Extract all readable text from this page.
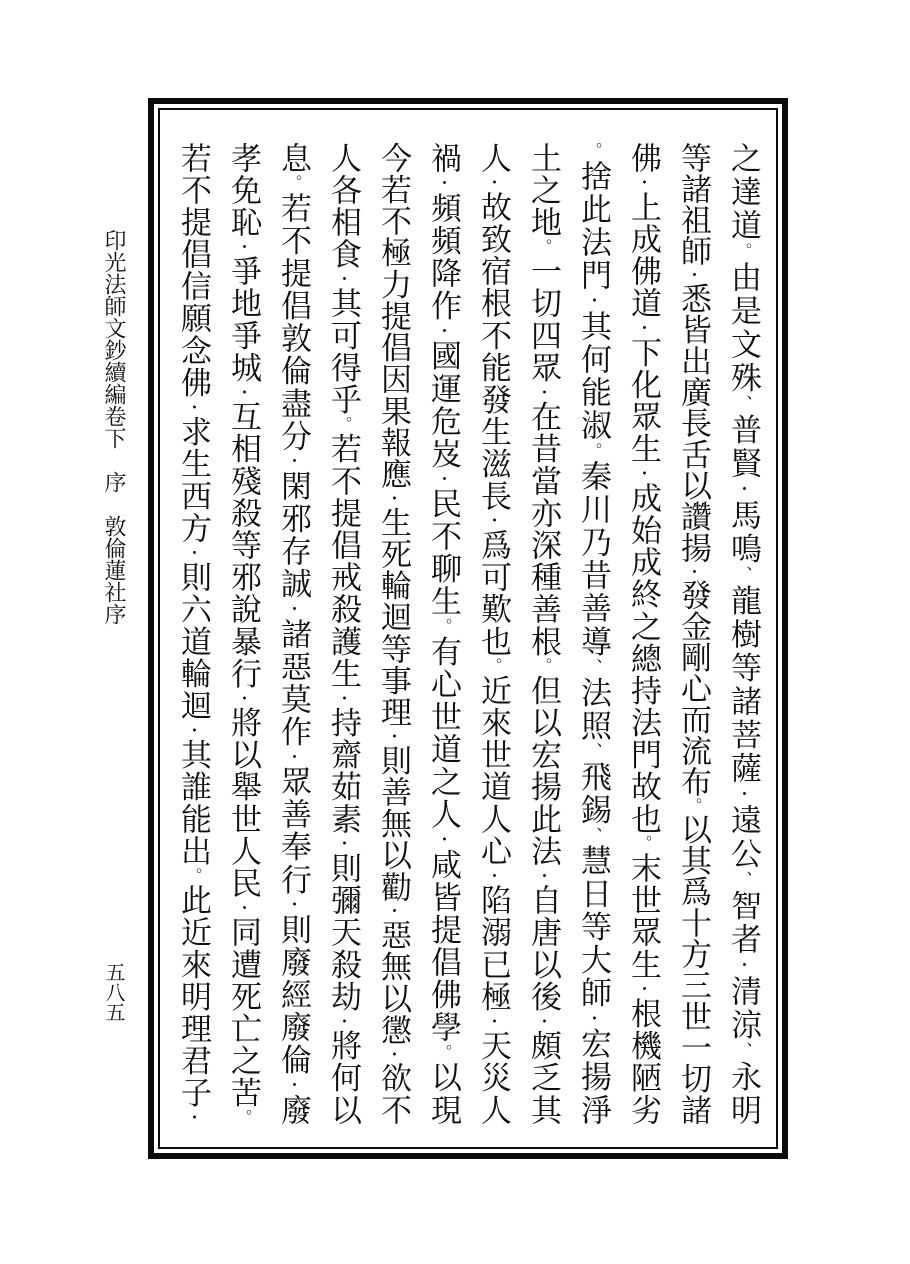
印光法師文鈔續編卷下　序　敦倫蓮社序
五八五
之達道。由是文殊、普賢・馬鳴、龍樹等諸菩薩・遠公、智者・清涼、永明
等諸祖師・悉皆出廣長舌以讚揚・發金剛心而流布。以其爲十方三世一切諸
佛・上成佛道・下化眾生・成始成終之總持法門故也。末世眾生・根機陋劣
。捨此法門・其何能淑。秦川乃昔善導、法照、飛錫、慧日等大師・宏揚淨
土之地。一切四眾・在昔當亦深種善根。但以宏揚此法・自唐以後・頗乏其
人・故致宿根不能發生滋長・爲可歎也。近來世道人心・陷溺已極・天災人
禍・頻頻降作・國運危岌・民不聊生。有心世道之人・咸皆提倡佛學。以現
今若不極力提倡因果報應・生死輪迴等事理・則善無以勸・惡無以懲・欲不
人各相食・其可得乎。若不提倡戒殺護生・持齋茹素・則彌天殺劫・將何以
息。若不提倡敦倫盡分・閑邪存誠・諸惡莫作・眾善奉行・則廢經廢倫・廢
孝免恥・爭地爭城・互相殘殺等邪說暴行・將以舉世人民・同遭死亡之苦。
若不提倡信願念佛・求生西方・則六道輪迴・其誰能出。此近來明理君子・
